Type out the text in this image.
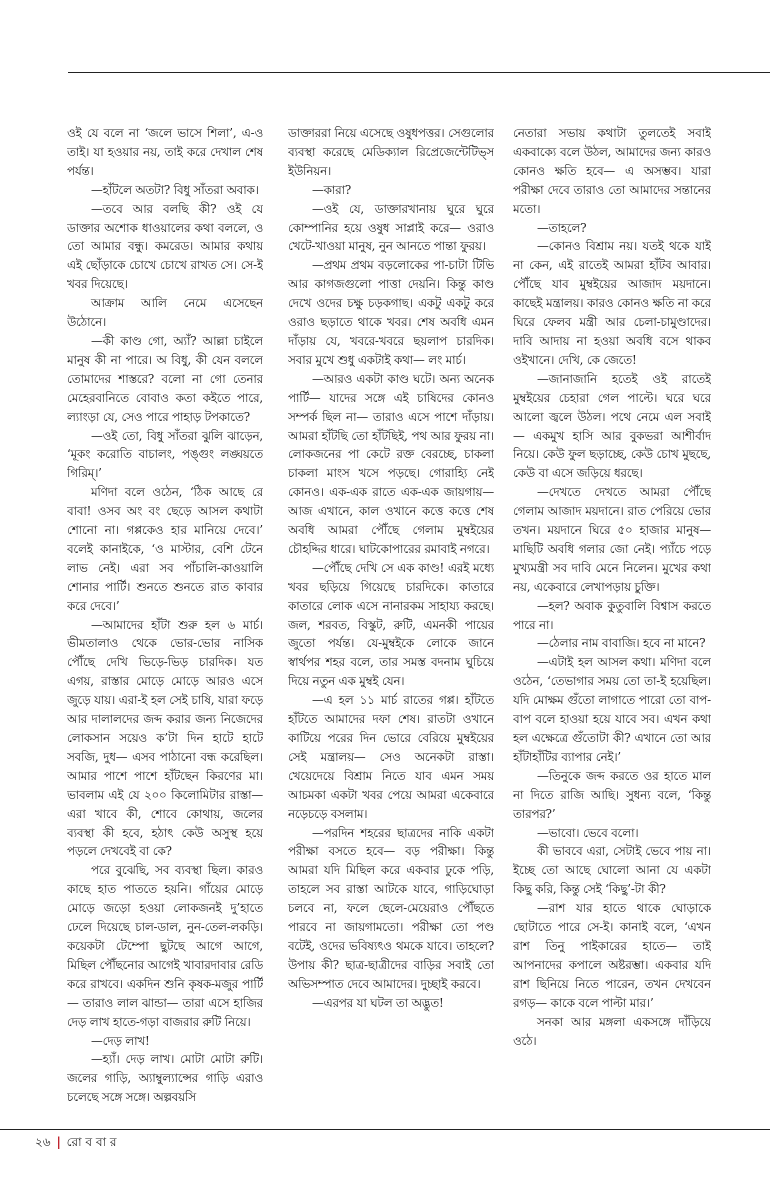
ওই যে বলে না ‘জলে ভাসে শিলা’, এ-ও তাই। যা হওয়ার নয়, তাই করে দেখাল শেষ পর্যন্ত।

—হাঁটলে অতটা? বিধু সাঁতরা অবাক।

—তবে আর বলছি কী? ওই যে ডাক্তার অশোক ধাওয়ালের কথা বললে, ও তো আমার বন্ধু। কমরেড। আমার কথায় এই ছোঁড়াকে চোখে চোখে রাখত সে। সে-ই খবর দিয়েছে।

আক্রাম আলি নেমে এসেছেন উঠোনে।

—কী কাণ্ড গো, অ্যাঁ? আল্লা চাইলে মানুষ কী না পারে। অ বিধু, কী যেন বললে তোমাদের শাস্তরে? বলো না গো তেনার মেহেরবানিতে বোবাও কতা কইতে পারে, ল্যাংড়া যে, সেও পারে পাহাড় টপকাতে?

—ওই তো, বিধু সাঁতরা ঝুলি ঝাড়েন, ‘মূকং করোতি বাচালং, পঙ্গুং লঙ্ঘয়তে গিরিম্।’

মণিদা বলে ওঠেন, ‘ঠিক আছে রে বাবা! ওসব অং বং ছেড়ে আসল কথাটা শোনো না। গপ্পকেও হার মানিয়ে দেবে।’ বলেই কানাইকে, ‘ও মাস্টার, বেশি টেনে লাভ নেই। এরা সব পাঁচালি-কাওয়ালি শোনার পার্টি। শুনতে শুনতে রাত কাবার করে দেবে।’

—আমাদের হাঁটা শুরু হল ৬ মার্চ। ভীমতালাও থেকে ভোর-ভোর নাসিক পৌঁছে দেখি ভিড়ে-ভিড় চারদিক। যত এগয়, রাস্তার মোড়ে মোড়ে আরও এসে জুড়ে যায়। এরা-ই হল সেই চাষি, যারা ফড়ে আর দালালদের জব্দ করার জন্য নিজেদের লোকসান সয়েও ক’টা দিন হাটে হাটে সবজি, দুধ— এসব পাঠানো বন্ধ করেছিল। আমার পাশে পাশে হাঁটছেন কিরণের মা। ভাবলাম এই যে ২০০ কিলোমিটার রাস্তা— এরা খাবে কী, শোবে কোথায়, জলের ব্যবস্থা কী হবে, হঠাৎ কেউ অসুস্থ হয়ে পড়লে দেখবেই বা কে?

পরে বুঝেছি, সব ব্যবস্থা ছিল। কারও কাছে হাত পাততে হয়নি। গাঁয়ের মোড়ে মোড়ে জড়ো হওয়া লোকজনই দু’হাতে ঢেলে দিয়েছে চাল-ডাল, নুন-তেল-লকড়ি। কয়েকটা টেম্পো ছুটছে আগে আগে, মিছিল পৌঁছনোর আগেই খাবারদাবার রেডি করে রাখবে। একদিন শুনি কৃষক-মজুর পার্টি— তারাও লাল ঝান্ডা— তারা এসে হাজির দেড় লাখ হাতে-গড়া বাজরার রুটি নিয়ে।

—দেড় লাখ!

—হ্যাঁ। দেড় লাখ। মোটা মোটা রুটি। জলের গাড়ি, অ্যাম্বুল্যান্সের গাড়ি এরাও চলেছে সঙ্গে সঙ্গে। অল্পবয়সি

ডাক্তাররা নিয়ে এসেছে ওষুধপত্তর। সেগুলোর ব্যবস্থা করেছে মেডিক্যাল রিপ্রেজেন্টেটিভ্‌স ইউনিয়ন।

—কারা?

—ওই যে, ডাক্তারখানায় ঘুরে ঘুরে কোম্পানির হয়ে ওষুধ সাপ্লাই করে— ওরাও খেটে-খাওয়া মানুষ, নুন আনতে পান্তা ফুরয়।

—প্রথম প্রথম বড়লোকের পা-চাটা টিভি আর কাগজগুলো পাত্তা দেয়নি। কিন্তু কাণ্ড দেখে ওদের চক্ষু চড়কগাছ। একটু একটু করে ওরাও ছড়াতে থাকে খবর। শেষ অবধি এমন দাঁড়ায় যে, খবরে-খবরে ছয়লাপ চারদিক। সবার মুখে শুধু একটাই কথা— লং মার্চ।

—আরও একটা কাণ্ড ঘটে। অন্য অনেক পার্টি— যাদের সঙ্গে এই চাষিদের কোনও সম্পর্ক ছিল না— তারাও এসে পাশে দাঁড়ায়। আমরা হাঁটছি তো হাঁটছিই, পথ আর ফুরয় না। লোকজনের পা কেটে রক্ত বেরচ্ছে, চাকলা চাকলা মাংস খসে পড়ছে। গোরাহ্যি নেই কোনও। এক-এক রাতে এক-এক জায়গায়— আজ এখানে, কাল ওখানে কত্তে কত্তে শেষ অবধি আমরা পৌঁছে গেলাম মুম্বইয়ের চৌহদ্দির ধারে। ঘাটকোপারের রমাবাই নগরে।

—পৌঁছে দেখি সে এক কাণ্ড! এরই মধ্যে খবর ছড়িয়ে গিয়েছে চারদিকে। কাতারে কাতারে লোক এসে নানারকম সাহায্য করছে। জল, শরবত, বিস্কুট, রুটি, এমনকী পায়ের জুতো পর্যন্ত। যে-মুম্বইকে লোকে জানে স্বার্থপর শহর বলে, তার সমস্ত বদনাম ঘুচিয়ে দিয়ে নতুন এক মুম্বই যেন।

—এ হল ১১ মার্চ রাতের গপ্প। হাঁটতে হাঁটতে আমাদের দফা শেষ। রাতটা ওখানে কাটিয়ে পরের দিন ভোরে বেরিয়ে মুম্বইয়ের সেই মন্ত্রালয়— সেও অনেকটা রাস্তা। খেয়েদেয়ে বিশ্রাম নিতে যাব এমন সময় আচমকা একটা খবর পেয়ে আমরা একেবারে নড়েচড়ে বসলাম।

—পরদিন শহরের ছাত্রদের নাকি একটা পরীক্ষা বসতে হবে— বড় পরীক্ষা। কিন্তু আমরা যদি মিছিল করে একবার ঢুকে পড়ি, তাহলে সব রাস্তা আটকে যাবে, গাড়িঘোড়া চলবে না, ফলে ছেলে-মেয়েরাও পৌঁছতে পারবে না জায়গামতো। পরীক্ষা তো পণ্ড বটেই, ওদের ভবিষ্যৎও থমকে যাবে। তাহলে? উপায় কী? ছাত্র-ছাত্রীদের বাড়ির সবাই তো অভিসম্পাত দেবে আমাদের। দুচ্ছাই করবে।

—এরপর যা ঘটল তা অদ্ভুত!

নেতারা সভায় কথাটা তুলতেই সবাই একবাক্যে বলে উঠল, আমাদের জন্য কারও কোনও ক্ষতি হবে— এ অসম্ভব। যারা পরীক্ষা দেবে তারাও তো আমাদের সন্তানের মতো।

—তাহলে?

—কোনও বিশ্রাম নয়। যতই থকে যাই না কেন, এই রাতেই আমরা হাঁটব আবার। পৌঁছে যাব মুম্বইয়ের আজাদ ময়দানে। কাছেই মন্ত্রালয়। কারও কোনও ক্ষতি না করে ঘিরে ফেলব মন্ত্রী আর চেলা-চামুণ্ডাদের। দাবি আদায় না হওয়া অবধি বসে থাকব ওইখানে। দেখি, কে জেতে!

—জানাজানি হতেই ওই রাতেই মুম্বইয়ের চেহারা গেল পাল্টে। ঘরে ঘরে আলো জ্বলে উঠল। পথে নেমে এল সবাই— একমুখ হাসি আর বুকভরা আশীর্বাদ নিয়ে। কেউ ফুল ছড়াচ্ছে, কেউ চোখ মুছছে, কেউ বা এসে জড়িয়ে ধরছে।

—দেখতে দেখতে আমরা পৌঁছে গেলাম আজাদ ময়দানে। রাত পেরিয়ে ভোর তখন। ময়দানে ঘিরে ৫০ হাজার মানুষ— মাছিটি অবধি গলার জো নেই। প্যাঁচে পড়ে মুখ্যমন্ত্রী সব দাবি মেনে নিলেন। মুখের কথা নয়, একেবারে লেখাপড়ায় চুক্তি।

—হল? অবাক কুতুবালি বিশ্বাস করতে পারে না।

—ঠেলার নাম বাবাজি। হবে না মানে?

—এটাই হল আসল কথা। মণিদা বলে ওঠেন, ‘তেভাগার সময় তো তা-ই হয়েছিল। যদি মোক্ষম গুঁতো লাগাতে পারো তো বাপ-বাপ বলে হাওয়া হয়ে যাবে সব। এখন কথা হল এক্ষেত্রে গুঁতোটা কী? এখানে তো আর হাঁটাহাঁটির ব্যাপার নেই।’

—তিনুকে জব্দ করতে ওর হাতে মাল না দিতে রাজি আছি। সুধন্য বলে, ‘কিন্তু তারপর?’

—ভাবো। ভেবে বলো।

কী ভাববে এরা, সেটাই ভেবে পায় না। ইচ্ছে তো আছে ঘোলো আনা যে একটা কিছু করি, কিন্তু সেই ‘কিছু’-টা কী?

—রাশ যার হাতে থাকে ঘোড়াকে ছোটাতে পারে সে-ই। কানাই বলে, ‘এখন রাশ তিনু পাইকারের হাতে— তাই আপনাদের কপালে অষ্টরম্ভা। একবার যদি রাশ ছিনিয়ে নিতে পারেন, তখন দেখবেন রগড়— কাকে বলে পাল্টা মার।’

সনকা আর মঙ্গলা একসঙ্গে দাঁড়িয়ে ওঠে।

২৬ | রো ব বা র
